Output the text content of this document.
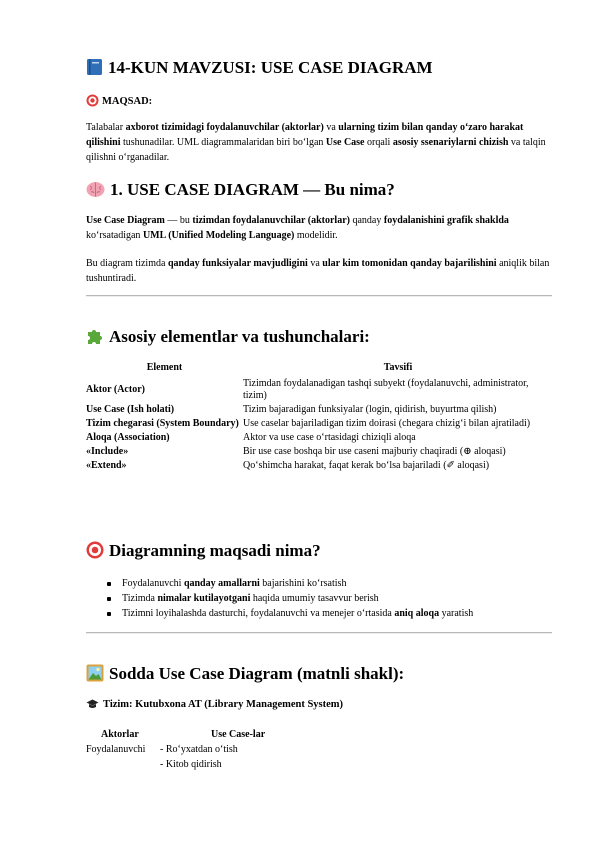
14-KUN MAVZUSI: USE CASE DIAGRAM
MAQSAD:
Talabalar axborot tizimidagi foydalanuvchilar (aktorlar) va ularning tizim bilan qanday o‘zaro harakat qilishini tushunadilar. UML diagrammalaridan biri bo‘lgan Use Case orqali asosiy ssenariylarni chizish va talqin qilishni o‘rganadilar.
1. USE CASE DIAGRAM — Bu nima?
Use Case Diagram — bu tizimdan foydalanuvchilar (aktorlar) qanday foydalanishini grafik shaklda ko‘rsatadigan UML (Unified Modeling Language) modelidir.
Bu diagram tizimda qanday funksiyalar mavjudligini va ular kim tomonidan qanday bajarilishini aniqlik bilan tushuntiradi.
Asosiy elementlar va tushunchalari:
Element	Tavsifi
Aktor (Actor)	Tizimdan foydalanadigan tashqi subyekt (foydalanuvchi, administrator, tizim)
Use Case (Ish holati)	Tizim bajaradigan funksiyalar (login, qidirish, buyurtma qilish)
Tizim chegarasi (System Boundary)	Use caselar bajariladigan tizim doirasi (chegara chizig‘i bilan ajratiladi)
Aloqa (Association)	Aktor va use case o‘rtasidagi chiziqli aloqa
«Include»	Bir use case boshqa bir use caseni majburiy chaqiradi (⊕ aloqasi)
«Extend»	Qo‘shimcha harakat, faqat kerak bo‘lsa bajariladi (✐ aloqasi)
Diagramning maqsadi nima?
Foydalanuvchi qanday amallarni bajarishini ko‘rsatish
Tizimda nimalar kutilayotgani haqida umumiy tasavvur berish
Tizimni loyihalashda dasturchi, foydalanuvchi va menejer o‘rtasida aniq aloqa yaratish
Sodda Use Case Diagram (matnli shakl):
Tizim: Kutubxona AT (Library Management System)
Aktorlar	Use Case-lar
Foydalanuvchi - Ro‘yxatdan o‘tish
- Kitob qidirish
